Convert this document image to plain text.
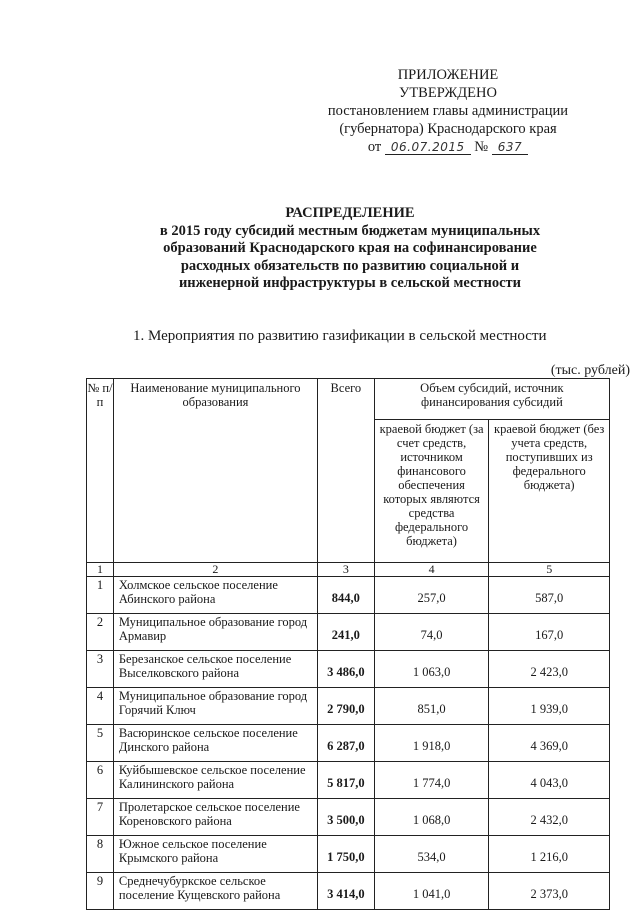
ПРИЛОЖЕНИЕ
УТВЕРЖДЕНО
постановлением главы администрации
(губернатора) Краснодарского края
от 06.07.2015 № 637
РАСПРЕДЕЛЕНИЕ
в 2015 году субсидий местным бюджетам муниципальных
образований Краснодарского края на софинансирование
расходных обязательств по развитию социальной и
инженерной инфраструктуры в сельской местности
1. Мероприятия по развитию газификации в сельской местности
(тыс. рублей)
№ п/п	Наименование муниципального образования	Всего	Объем субсидий, источник финансирования субсидий	
			краевой бюджет (за счет средств, источником финансового обеспечения которых являются средства федерального бюджета)	краевой бюджет (без учета средств, поступивших из федерального бюджета)
1	2	3	4	5
1	Холмское сельское поселение Абинского района	844,0	257,0	587,0
2	Муниципальное образование город Армавир	241,0	74,0	167,0
3	Березанское сельское поселение Выселковского района	3 486,0	1 063,0	2 423,0
4	Муниципальное образование город Горячий Ключ	2 790,0	851,0	1 939,0
5	Васюринское сельское поселение Динского района	6 287,0	1 918,0	4 369,0
6	Куйбышевское сельское поселение Калининского района	5 817,0	1 774,0	4 043,0
7	Пролетарское сельское поселение Кореновского района	3 500,0	1 068,0	2 432,0
8	Южное сельское поселение Крымского района	1 750,0	534,0	1 216,0
9	Среднечубуркское сельское поселение Кущевского района	3 414,0	1 041,0	2 373,0
